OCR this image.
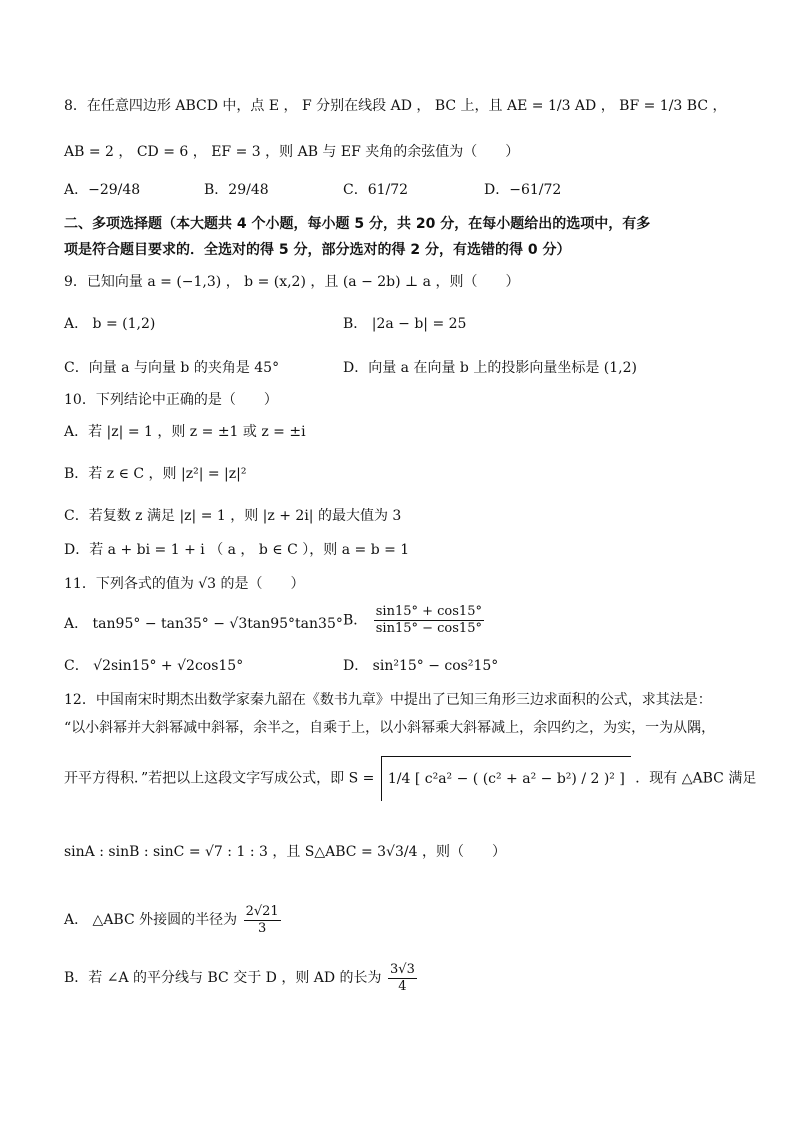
8．在任意四边形 ABCD 中，点 E ， F 分别在线段 AD ， BC 上，且 AE = 1/3 AD ， BF = 1/3 BC ，
AB = 2 ， CD = 6 ， EF = 3 ，则 AB 与 EF 夹角的余弦值为（　　）
A．−29/48	B．29/48	C．61/72	D．−61/72
二、多项选择题（本大题共 4 个小题，每小题 5 分，共 20 分，在每小题给出的选项中，有多
项是符合题目要求的．全选对的得 5 分，部分选对的得 2 分，有选错的得 0 分）
9．已知向量 a = (−1,3) ， b = (x,2) ，且 (a − 2b) ⊥ a ，则（　　）
A． b = (1,2)	B． |2a − b| = 25
C．向量 a 与向量 b 的夹角是 45°	D．向量 a 在向量 b 上的投影向量坐标是 (1,2)
10．下列结论中正确的是（　　）
A．若 |z| = 1 ，则 z = ±1 或 z = ±i
B．若 z ∈ C ，则 |z²| = |z|²
C．若复数 z 满足 |z| = 1 ，则 |z + 2i| 的最大值为 3
D．若 a + bi = 1 + i （ a ， b ∈ C ），则 a = b = 1
11．下列各式的值为 √3 的是（　　）
A． tan95° − tan35° − √3tan95°tan35° B． $\frac{\sin 15^\circ + \cos 15^\circ}{\sin 15^\circ - \cos 15^\circ}$
C． √2sin15° + √2cos15°	D． sin²15° − cos²15°
12．中国南宋时期杰出数学家秦九韶在《数书九章》中提出了已知三角形三边求面积的公式，求其法是：
“以小斜幂并大斜幂减中斜幂，余半之，自乘于上，以小斜幂乘大斜幂减上，余四约之，为实，一为从隅，
开平方得积．”若把以上这段文字写成公式，即 S = 1/4 [ c²a² − ( (c² + a² − b²) / 2 )² ] ．现有 △ABC 满足
sinA : sinB : sinC = √7 : 1 : 3 ，且 S△ABC = 3√3/4 ，则（　　）
A． △ABC 外接圆的半径为 $\frac{2√21}{3}$
B．若 ∠A 的平分线与 BC 交于 D ，则 AD 的长为 $\frac{3√3}{4}$
